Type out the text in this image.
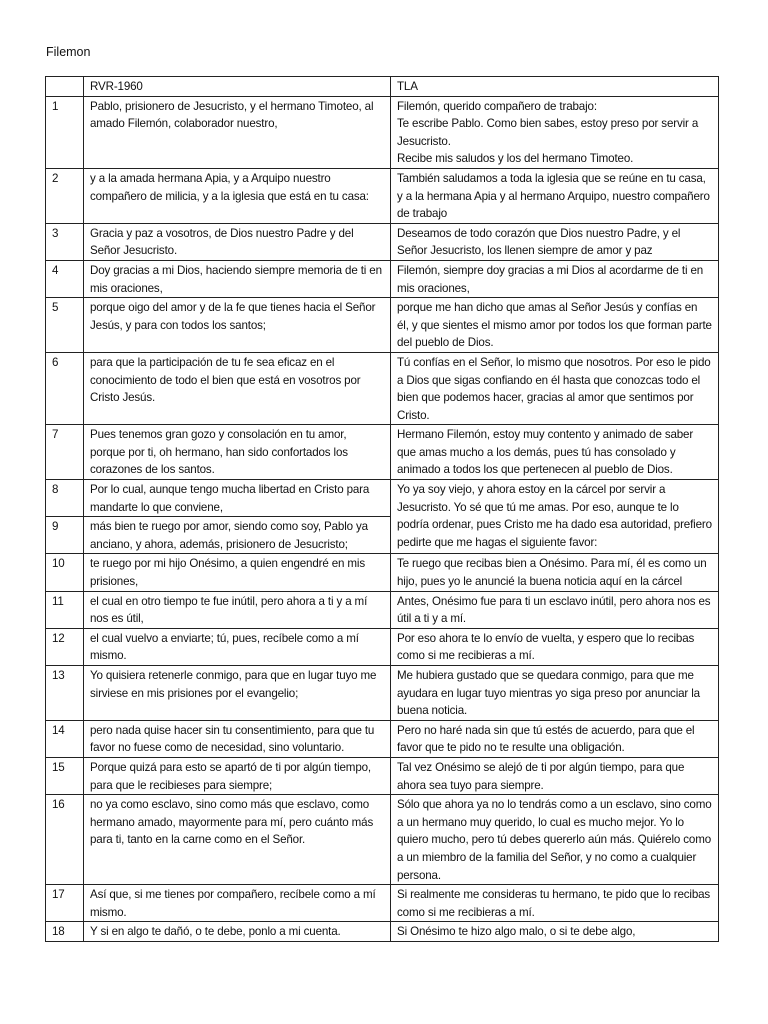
Filemon
	RVR-1960	TLA
1	Pablo, prisionero de Jesucristo, y el hermano Timoteo, al amado Filemón, colaborador nuestro,	Filemón, querido compañero de trabajo:
Te escribe Pablo. Como bien sabes, estoy preso por servir a Jesucristo.
Recibe mis saludos y los del hermano Timoteo.
2	y a la amada hermana Apia, y a Arquipo nuestro compañero de milicia, y a la iglesia que está en tu casa:	También saludamos a toda la iglesia que se reúne en tu casa, y a la hermana Apia y al hermano Arquipo, nuestro compañero de trabajo
3	Gracia y paz a vosotros, de Dios nuestro Padre y del Señor Jesucristo.	Deseamos de todo corazón que Dios nuestro Padre, y el Señor Jesucristo, los llenen siempre de amor y paz
4	Doy gracias a mi Dios, haciendo siempre memoria de ti en mis oraciones,	Filemón, siempre doy gracias a mi Dios al acordarme de ti en mis oraciones,
5	porque oigo del amor y de la fe que tienes hacia el Señor Jesús, y para con todos los santos;	porque me han dicho que amas al Señor Jesús y confías en él, y que sientes el mismo amor por todos los que forman parte del pueblo de Dios.
6	para que la participación de tu fe sea eficaz en el conocimiento de todo el bien que está en vosotros por Cristo Jesús.	Tú confías en el Señor, lo mismo que nosotros. Por eso le pido a Dios que sigas confiando en él hasta que conozcas todo el bien que podemos hacer, gracias al amor que sentimos por Cristo.
7	Pues tenemos gran gozo y consolación en tu amor, porque por ti, oh hermano, han sido confortados los corazones de los santos.	Hermano Filemón, estoy muy contento y animado de saber que amas mucho a los demás, pues tú has consolado y animado a todos los que pertenecen al pueblo de Dios.
8	Por lo cual, aunque tengo mucha libertad en Cristo para mandarte lo que conviene,	Yo ya soy viejo, y ahora estoy en la cárcel por servir a Jesucristo. Yo sé que tú me amas. Por eso, aunque te lo podría ordenar, pues Cristo me ha dado esa autoridad, prefiero pedirte que me hagas el siguiente favor:
9	más bien te ruego por amor, siendo como soy, Pablo ya anciano, y ahora, además, prisionero de Jesucristo;	
10	te ruego por mi hijo Onésimo, a quien engendré en mis prisiones,	Te ruego que recibas bien a Onésimo. Para mí, él es como un hijo, pues yo le anuncié la buena noticia aquí en la cárcel
11	el cual en otro tiempo te fue inútil, pero ahora a ti y a mí nos es útil,	Antes, Onésimo fue para ti un esclavo inútil, pero ahora nos es útil a ti y a mí.
12	el cual vuelvo a enviarte; tú, pues, recíbele como a mí mismo.	Por eso ahora te lo envío de vuelta, y espero que lo recibas como si me recibieras a mí.
13	Yo quisiera retenerle conmigo, para que en lugar tuyo me sirviese en mis prisiones por el evangelio;	Me hubiera gustado que se quedara conmigo, para que me ayudara en lugar tuyo mientras yo siga preso por anunciar la buena noticia.
14	pero nada quise hacer sin tu consentimiento, para que tu favor no fuese como de necesidad, sino voluntario.	Pero no haré nada sin que tú estés de acuerdo, para que el favor que te pido no te resulte una obligación.
15	Porque quizá para esto se apartó de ti por algún tiempo, para que le recibieses para siempre;	Tal vez Onésimo se alejó de ti por algún tiempo, para que ahora sea tuyo para siempre.
16	no ya como esclavo, sino como más que esclavo, como hermano amado, mayormente para mí, pero cuánto más para ti, tanto en la carne como en el Señor.	Sólo que ahora ya no lo tendrás como a un esclavo, sino como a un hermano muy querido, lo cual es mucho mejor. Yo lo quiero mucho, pero tú debes quererlo aún más. Quiérelo como a un miembro de la familia del Señor, y no como a cualquier persona.
17	Así que, si me tienes por compañero, recíbele como a mí mismo.	Si realmente me consideras tu hermano, te pido que lo recibas como si me recibieras a mí.
18	Y si en algo te dañó, o te debe, ponlo a mi cuenta.	Si Onésimo te hizo algo malo, o si te debe algo,
